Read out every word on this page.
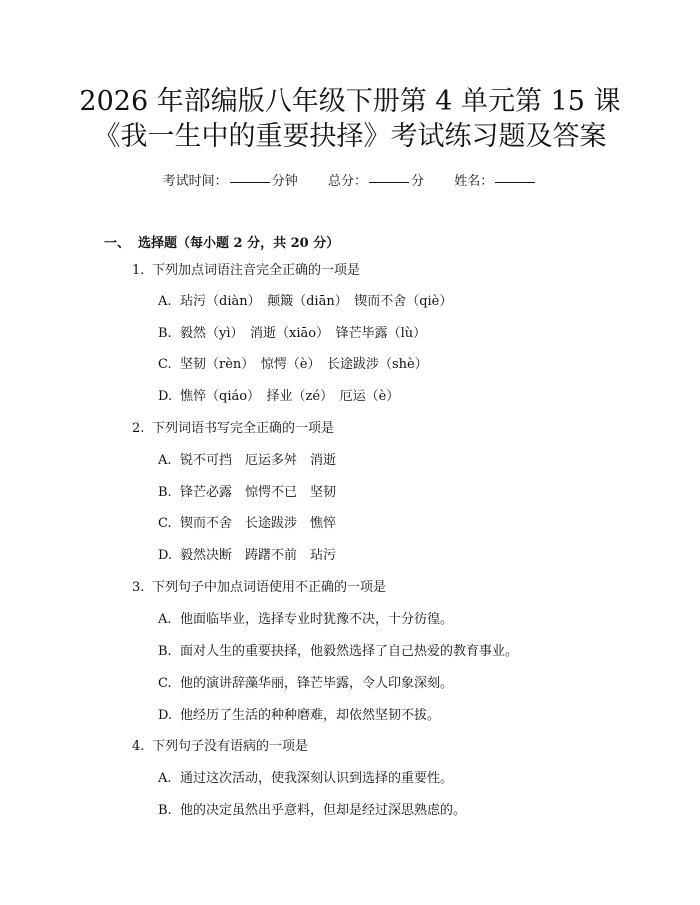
2026 年部编版八年级下册第 4 单元第 15 课
《我一生中的重要抉择》考试练习题及答案
考试时间：	分钟 总分：	分 姓名：
一、 选择题（每小题 2 分，共 20 分）
1. 下列加点词语注音完全正确的一项是
A. 玷污（diàn）　颠簸（diān）　锲而不舍（qiè）
B. 毅然（yì）　消逝（xiāo）　锋芒毕露（lù）
C. 坚韧（rèn）　惊愕（è）　长途跋涉（shè）
D. 憔悴（qiáo）　择业（zé）　厄运（è）
2. 下列词语书写完全正确的一项是
A. 锐不可挡　厄运多舛　消逝
B. 锋芒必露　惊愕不已　坚韧
C. 锲而不舍　长途跋涉　憔悴
D. 毅然决断　踌躇不前　玷污
3. 下列句子中加点词语使用不正确的一项是
A. 他面临毕业，选择专业时犹豫不决，十分彷徨。
B. 面对人生的重要抉择，他毅然选择了自己热爱的教育事业。
C. 他的演讲辞藻华丽，锋芒毕露，令人印象深刻。
D. 他经历了生活的种种磨难，却依然坚韧不拔。
4. 下列句子没有语病的一项是
A. 通过这次活动，使我深刻认识到选择的重要性。
B. 他的决定虽然出乎意料，但却是经过深思熟虑的。
